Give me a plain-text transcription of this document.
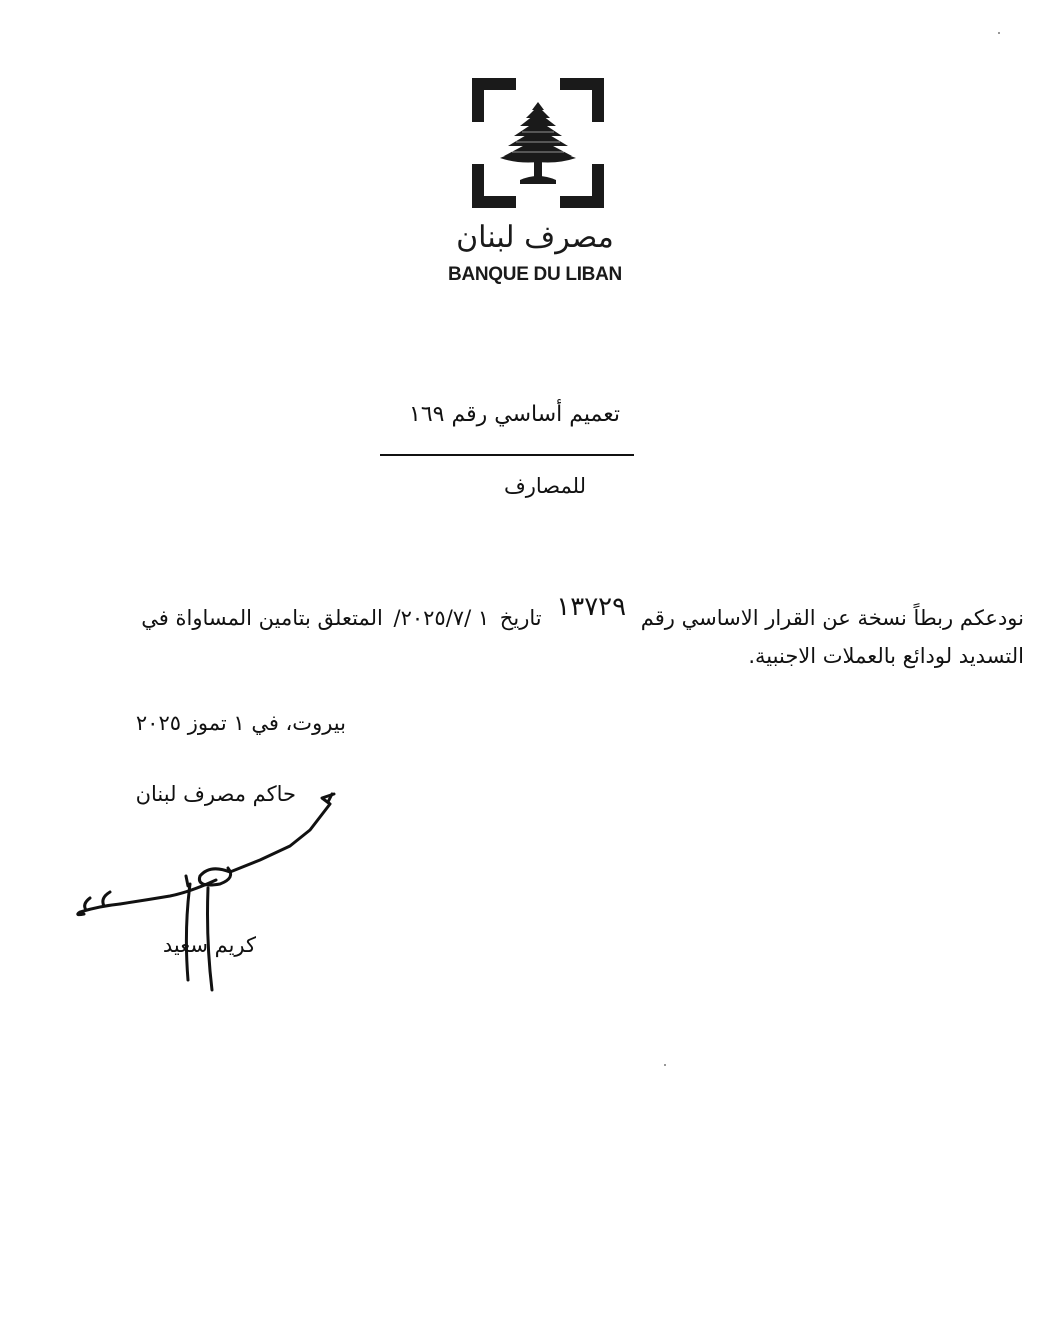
مصرف لبنان
BANQUE DU LIBAN
تعميم أساسي رقم ١٦٩
للمصارف
نودعكم ربطاً نسخة عن القرار الاساسي رقم ١٣٧٢٩ تاريخ ١ /٢٠٢٥/٧/ المتعلق بتامين المساواة في
التسديد لودائع بالعملات الاجنبية.
بيروت، في ١ تموز ٢٠٢٥
حاكم مصرف لبنان
كريم سعيد
